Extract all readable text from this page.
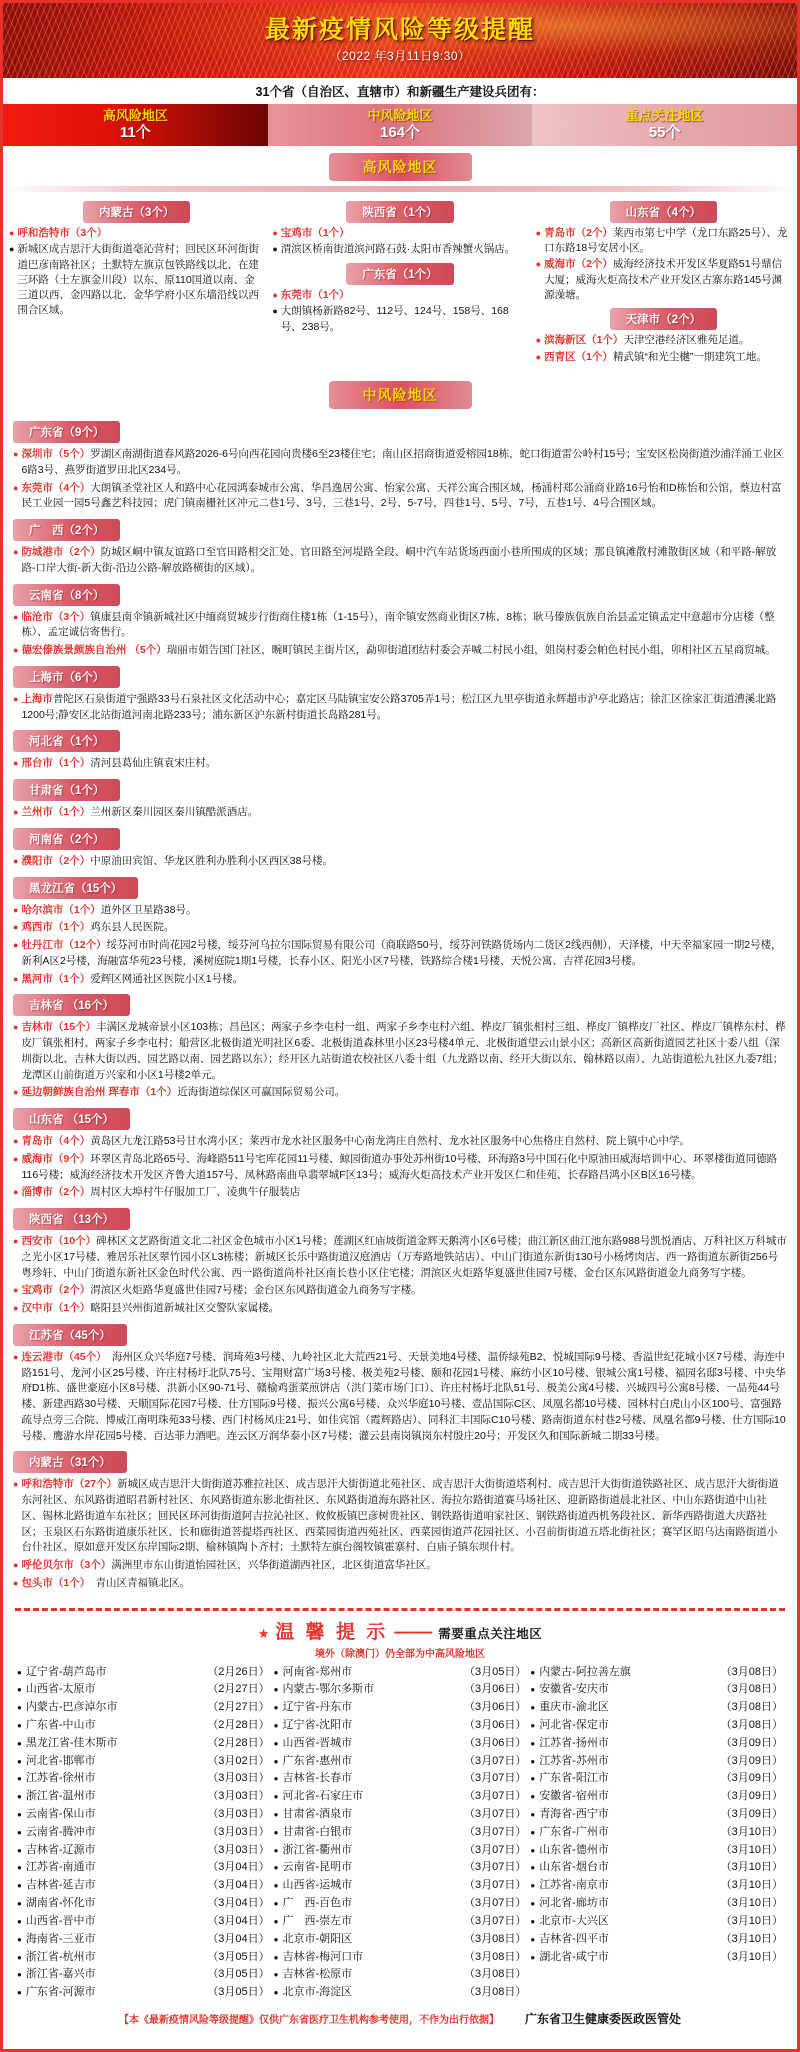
最新疫情风险等级提醒
（2022 年3月11日9:30）
31个省（自治区、直辖市）和新疆生产建设兵团有：
高风险地区
11个
中风险地区
164个
重点关注地区
55个
高风险地区
内蒙古（3个）
● 呼和浩特市（3个）
● 新城区成吉思汗大街街道毫沁营村；回民区环河街街道巴彦南路社区；土默特左旗京包铁路线以北、在建三环路（土左旗金川段）以东、原110国道以南、金三道以西、金四路以北、金华学府小区东墙沿线以西围合区域。
陕西省（1个）
● 宝鸡市（1个）
● 渭滨区桥南街道滨河路石鼓·太阳市香辣蟹火锅店。
广东省（1个）
● 东莞市（1个）
● 大朗镇杨新路82号、112号、124号、158号、168号、238号。
山东省（4个）
● 青岛市（2个）莱西市第七中学（龙口东路25号）、龙口东路18号安居小区。
● 威海市（2个）威海经济技术开发区华夏路51号鼎信大厦；威海火炬高技术产业开发区古寨东路145号渊源澡塘。
天津市（2个）
● 滨海新区（1个）天津空港经济区雅苑足道。
● 西青区（1个）精武镇“和光尘樾”一期建筑工地。
中风险地区
广东省（9个）
● 深圳市（5个）罗湖区南湖街道春风路2026-6号向西花园向贵楼6至23楼住宅；南山区招商街道爱榕园18栋，蛇口街道雷公岭村15号；宝安区松岗街道沙浦洋涌工业区6路3号、燕罗街道罗田北区234号。
● 东莞市（4个）大朗镇圣堂社区人和路中心花园鸿泰城市公寓、华昌逸居公寓、怡家公寓、天祥公寓合围区域，杨涌村郑公涌商业路16号怡和D栋怡和公馆，蔡边村富民工业园一园5号鑫艺科技园；虎门镇南栅社区冲元二巷1号、3号，三巷1号、2号、5-7号，四巷1号、5号、7号，五巷1号、4号合围区域。
广　西（2个）
● 防城港市（2个）防城区峒中镇友谊路口至官田路相交汇处、官田路至河堤路全段、峒中汽车站货场西面小巷所围成的区域；那良镇滩散村滩散街区域（和平路-解放路-口岸大街-新大街-沿边公路-解放路横街的区域）。
云南省（8个）
● 临沧市（3个）镇康县南伞镇新城社区中缅商贸城步行街商住楼1栋（1-15号），南伞镇安然商业街区7栋、8栋；耿马傣族佤族自治县孟定镇孟定中意超市分店楼（整栋）、孟定诚信寄售行。
● 德宏傣族景颇族自治州 （5个）瑞丽市姐告国门社区，畹町镇民主街片区，勐卯街道团结村委会弄喊二村民小组，姐岗村委会帕色村民小组，卯相社区五星商贸城。
上海市（6个）
● 上海市普陀区石泉街道宁强路33号石泉社区文化活动中心；嘉定区马陆镇宝安公路3705弄1号；松江区九里亭街道永辉超市沪亭北路店；徐汇区徐家汇街道漕溪北路1200号;静安区北站街道河南北路233号；浦东新区沪东新村街道长岛路281号。
河北省（1个）
● 邢台市（1个）清河县葛仙庄镇袁宋庄村。
甘肃省（1个）
● 兰州市（1个）兰州新区秦川园区秦川镇酷派酒店。
河南省（2个）
● 濮阳市（2个）中原油田宾馆、华龙区胜利办胜利小区西区38号楼。
黑龙江省（15个）
● 哈尔滨市（1个）道外区卫星路38号。
● 鸡西市（1个）鸡东县人民医院。
● 牡丹江市（12个）绥芬河市时尚花园2号楼，绥芬河乌拉尔国际贸易有限公司（商联路50号，绥芬河铁路货场内二货区2线西侧），天泽楼，中天幸福家园一期2号楼，新利A区2号楼，海融富华苑23号楼，溪树庭院1期1号楼，长春小区、阳光小区7号楼，铁路综合楼1号楼、天悦公寓、吉祥花园3号楼。
● 黑河市（1个）爱辉区网通社区医院小区1号楼。
吉林省 （16个）
● 吉林市（15个）丰满区龙城帝景小区103栋；昌邑区；两家子乡李屯村一组、两家子乡李屯村六组、桦皮厂镇张相村三组、桦皮厂镇桦皮厂社区、桦皮厂镇桦东村、桦皮厂镇张相村、两家子乡李屯村；船营区北极街道光明社区6委、北极街道森林里小区23号楼4单元、北极街道望云山景小区；高新区高新街道园艺社区十委八组（深圳街以北、吉林大街以西、园艺路以南、园艺路以东）；经开区九站街道农校社区八委十组（九龙路以南、经开大街以东、翰林路以南）、九站街道松九社区九委7组；龙潭区山前街道万兴家和小区1号楼2单元。
● 延边朝鲜族自治州 珲春市（1个）近海街道综保区可赢国际贸易公司。
山东省 （15个）
● 青岛市（4个）黄岛区九龙江路53号甘水湾小区；莱西市龙水社区服务中心南龙湾庄自然村、龙水社区服务中心焦格庄自然村、院上镇中心中学。
● 威海市（9个）环翠区青岛北路65号、海峰路511号宅库花园11号楼、鲸园街道办事处苏州街10号楼、环海路3号中国石化中原油田威海培训中心、环翠楼街道同德路116号楼；威海经济技术开发区齐鲁大道157号、凤林路南曲阜翡翠城F区13号；威海火炬高技术产业开发区仁和佳苑、长春路昌鸿小区B区16号楼。
● 淄博市（2个）周村区大埠村牛仔服加工厂、凌典牛仔服装店
陕西省 （13个）
● 西安市（10个）碑林区文艺路街道文北二社区金色城市小区1号楼；莲湖区红庙坡街道金辉天鹅湾小区6号楼；曲江新区曲江池东路988号凯悦酒店、万科社区万科城市之光小区17号楼、雅居乐社区翠竹园小区L3栋楼；新城区长乐中路街道汉庭酒店（万寿路地铁站店）、中山门街道东新街130号小杨烤肉店、西一路街道东新街256号粤珍轩、中山门街道东新社区金色时代公寓、西一路街道尚朴社区南长巷小区住宅楼；渭滨区火炬路华夏盛世佳园7号楼、金台区东风路街道金九商务写字楼。
● 宝鸡市（2个）渭滨区火炬路华夏盛世佳园7号楼；金台区东风路街道金九商务写字楼。
● 汉中市（1个）略阳县兴州街道新城社区交警队家属楼。
江苏省（45个）
● 连云港市（45个）　海州区众兴华庭7号楼、润琦苑3号楼、九岭社区北大荒西21号、天景美地4号楼、温侨绿苑B2、悦城国际9号楼、香溢世纪花城小区7号楼、海连中路151号、龙河小区25号楼、许庄村杨圩北队75号、宝翔财富广场3号楼、极美苑2号楼、颐和花园1号楼、麻纺小区10号楼、银城公寓1号楼、福园名邸3号楼、中央华府D1栋、盛世豪庭小区8号楼、洪新小区90-71号、赣榆鸡蛋菜煎饼店（洪门菜市场门口）、许庄村杨圩北队51号、极美公寓4号楼、兴城四号公寓8号楼、一品苑44号楼、新建西路30号楼、天顺国际花园7号楼、仕方国际9号楼、振兴公寓6号楼、众兴华庭10号楼、壹品国际C区、凤凰名都10号楼、园林村白虎山小区100号、富强路疏导点旁三合院、博威江南明珠苑33号楼、西门村杨凤庄21号、如佳宾馆（霞辉路店）、同科汇丰国际C10号楼、路南街道东村巷2号楼、凤凰名都9号楼、仕方国际10号楼、鹰游水岸花园5号楼、百达菲力酒吧。连云区万润华泰小区7号楼；灌云县南岗镇岗东村殷庄20号；开发区久和国际新城二期33号楼。
内蒙古（31个）
● 呼和浩特市（27个）新城区成吉思汗大街街道苏雅拉社区、成吉思汗大街街道北苑社区、成吉思汗大街街道塔利村、成吉思汗大街街道铁路社区、成吉思汗大街街道东河社区、东风路街道昭君新村社区、东风路街道东影北街社区、东风路街道海东路社区、海拉尔路街道赛马场社区、迎新路街道晨北社区、中山东路街道中山社区、锡林北路街道车东社区；回民区环河街街道阿吉拉沁社区、攸攸板镇巴彦树贵社区、钢铁路街道咱家社区、钢铁路街道西机务段社区、新华西路街道大庆路社区；玉泉区石东路街道康乐社区、长和廊街道菩提塔西社区、西菜园街道西苑社区、西菜园街道芦花园社区、小召前街街道五塔北街社区；赛罕区昭乌达南路街道小台什社区、原如意开发区东岸国际2期、榆林镇陶卜齐村；土默特左旗台阁牧镇霍寨村、白庙子镇东坝什村。
● 呼伦贝尔市（3个）满洲里市东山街道怡园社区，兴华街道湖西社区，北区街道富华社区。
● 包头市（1个）　青山区青福镇北区。
★ 温 馨 提 示 —— 需要重点关注地区
境外（除澳门）仍全部为中高风险地区
● 辽宁省-葫芦岛市	（2月26日）
● 山西省-太原市	（2月27日）
● 内蒙古-巴彦淖尔市	（2月27日）
● 广东省-中山市	（2月28日）
● 黑龙江省-佳木斯市	（2月28日）
● 河北省-邯郸市	（3月02日）
● 江苏省-徐州市	（3月03日）
● 浙江省-温州市	（3月03日）
● 云南省-保山市	（3月03日）
● 云南省-腾冲市	（3月03日）
● 吉林省-辽源市	（3月03日）
● 江苏省-南通市	（3月04日）
● 吉林省-延吉市	（3月04日）
● 湖南省-怀化市	（3月04日）
● 山西省-晋中市	（3月04日）
● 海南省-三亚市	（3月04日）
● 浙江省-杭州市	（3月05日）
● 浙江省-嘉兴市	（3月05日）
● 广东省-河源市	（3月05日）
● 河南省-郑州市	（3月05日）
● 内蒙古-鄂尔多斯市	（3月06日）
● 辽宁省-丹东市	（3月06日）
● 辽宁省-沈阳市	（3月06日）
● 山西省-晋城市	（3月06日）
● 广东省-惠州市	（3月07日）
● 吉林省-长春市	（3月07日）
● 河北省-石家庄市	（3月07日）
● 甘肃省-酒泉市	（3月07日）
● 甘肃省-白银市	（3月07日）
● 浙江省-衢州市	（3月07日）
● 云南省-昆明市	（3月07日）
● 山西省-运城市	（3月07日）
● 广　西-百色市	（3月07日）
● 广　西-崇左市	（3月07日）
● 北京市-朝阳区	（3月08日）
● 吉林省-梅河口市	（3月08日）
● 吉林省-松原市	（3月08日）
● 北京市-海淀区	（3月08日）
● 内蒙古-阿拉善左旗	（3月08日）
● 安徽省-安庆市	（3月08日）
● 重庆市-渝北区	（3月08日）
● 河北省-保定市	（3月08日）
● 江苏省-扬州市	（3月09日）
● 江苏省-苏州市	（3月09日）
● 广东省-阳江市	（3月09日）
● 安徽省-宿州市	（3月09日）
● 青海省-西宁市	（3月09日）
● 广东省-广州市	（3月10日）
● 山东省-德州市	（3月10日）
● 山东省-烟台市	（3月10日）
● 江苏省-南京市	（3月10日）
● 河北省-廊坊市	（3月10日）
● 北京市-大兴区	（3月10日）
● 吉林省-四平市	（3月10日）
● 湖北省-咸宁市	（3月10日）
【本《最新疫情风险等级提醒》仅供广东省医疗卫生机构参考使用，不作为出行依据】 广东省卫生健康委医政医管处
